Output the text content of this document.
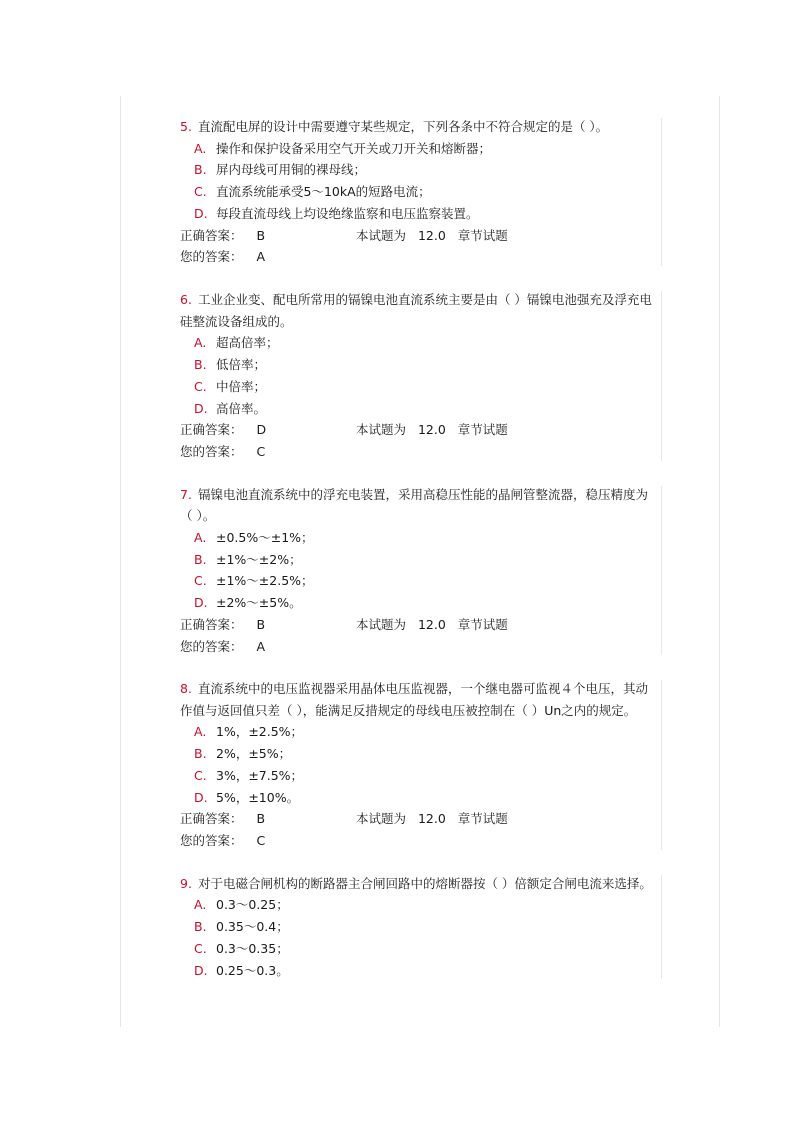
5. 直流配电屏的设计中需要遵守某些规定，下列各条中不符合规定的是（ ）。

A. 操作和保护设备采用空气开关或刀开关和熔断器；
B. 屏内母线可用铜的裸母线；
C. 直流系统能承受5～10kA的短路电流；
D. 每段直流母线上均设绝缘监察和电压监察装置。
正确答案： B	本试题为 12.0 章节试题
您的答案： A

6. 工业企业变、配电所常用的镉镍电池直流系统主要是由（ ）镉镍电池强充及浮充电硅整流设备组成的。

A. 超高倍率；
B. 低倍率；
C. 中倍率；
D. 高倍率。
正确答案： D	本试题为 12.0 章节试题
您的答案： C

7. 镉镍电池直流系统中的浮充电装置，采用高稳压性能的晶闸管整流器，稳压精度为（ ）。

A. ±0.5%～±1%；
B. ±1%～±2%；
C. ±1%～±2.5%；
D. ±2%～±5%。
正确答案： B	本试题为 12.0 章节试题
您的答案： A

8. 直流系统中的电压监视器采用晶体电压监视器，一个继电器可监视４个电压，其动作值与返回值只差（ ），能满足反措规定的母线电压被控制在（ ）Un之内的规定。

A. 1%，±2.5%；
B. 2%，±5%；
C. 3%，±7.5%；
D. 5%，±10%。
正确答案： B	本试题为 12.0 章节试题
您的答案： C

9. 对于电磁合闸机构的断路器主合闸回路中的熔断器按（ ）倍额定合闸电流来选择。

A. 0.3～0.25；
B. 0.35～0.4；
C. 0.3～0.35；
D. 0.25～0.3。
